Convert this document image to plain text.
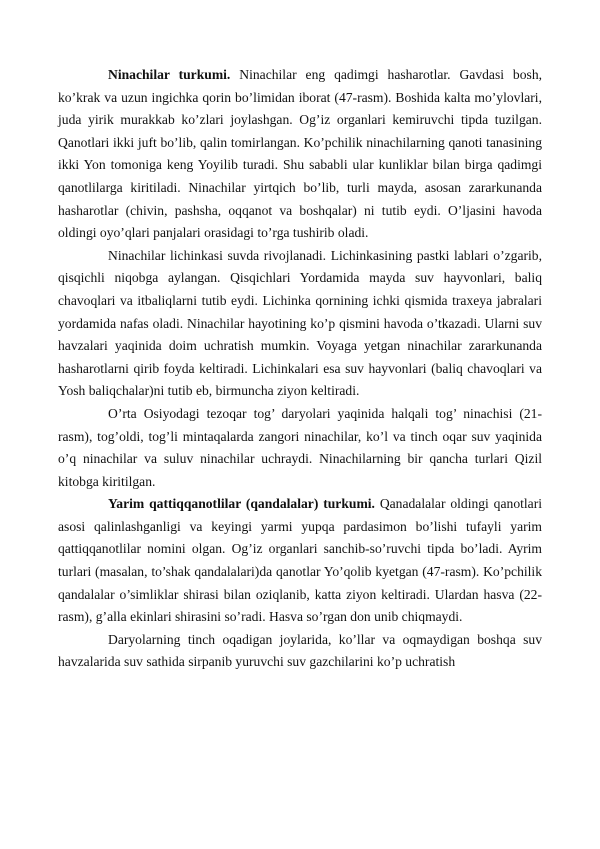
Ninachilar turkumi. Ninachilar eng qadimgi hasharotlar. Gavdasi bosh, ko’krak va uzun ingichka qorin bo’limidan iborat (47-rasm). Boshida kalta mo’ylovlari, juda yirik murakkab ko’zlari joylashgan. Og’iz organlari kemiruvchi tipda tuzilgan. Qanotlari ikki juft bo’lib, qalin tomirlangan. Ko’pchilik ninachilarning qanoti tanasining ikki Yon tomoniga keng Yoyilib turadi. Shu sababli ular kunliklar bilan birga qadimgi qanotlilarga kiritiladi. Ninachilar yirtqich bo’lib, turli mayda, asosan zararkunanda hasharotlar (chivin, pashsha, oqqanot va boshqalar) ni tutib eydi. O’ljasini havoda oldingi oyo’qlari panjalari orasidagi to’rga tushirib oladi.

Ninachilar lichinkasi suvda rivojlanadi. Lichinkasining pastki lablari o’zgarib, qisqichli niqobga aylangan. Qisqichlari Yordamida mayda suv hayvonlari, baliq chavoqlari va itbaliqlarni tutib eydi. Lichinka qornining ichki qismida traxeya jabralari yordamida nafas oladi. Ninachilar hayotining ko’p qismini havoda o’tkazadi. Ularni suv havzalari yaqinida doim uchratish mumkin. Voyaga yetgan ninachilar zararkunanda hasharotlarni qirib foyda keltiradi. Lichinkalari esa suv hayvonlari (baliq chavoqlari va Yosh baliqchalar)ni tutib eb, birmuncha ziyon keltiradi.

O’rta Osiyodagi tezoqar tog’ daryolari yaqinida halqali tog’ ninachisi (21-rasm), tog’oldi, tog’li mintaqalarda zangori ninachilar, ko’l va tinch oqar suv yaqinida o’q ninachilar va suluv ninachilar uchraydi. Ninachilarning bir qancha turlari Qizil kitobga kiritilgan.

Yarim qattiqqanotlilar (qandalalar) turkumi. Qanadalalar oldingi qanotlari asosi qalinlashganligi va keyingi yarmi yupqa pardasimon bo’lishi tufayli yarim qattiqqanotlilar nomini olgan. Og’iz organlari sanchib-so’ruvchi tipda bo’ladi. Ayrim turlari (masalan, to’shak qandalalari)da qanotlar Yo’qolib kyetgan (47-rasm). Ko’pchilik qandalalar o’simliklar shirasi bilan oziqlanib, katta ziyon keltiradi. Ulardan hasva (22-rasm), g’alla ekinlari shirasini so’radi. Hasva so’rgan don unib chiqmaydi.

Daryolarning tinch oqadigan joylarida, ko’llar va oqmaydigan boshqa suv havzalarida suv sathida sirpanib yuruvchi suv gazchilarini ko’p uchratish
